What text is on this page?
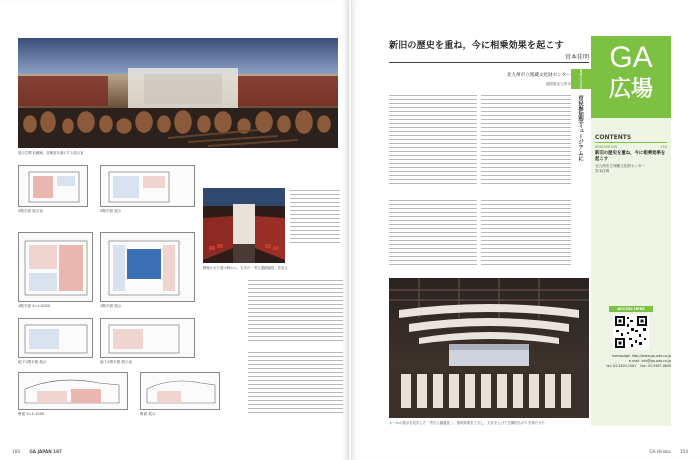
展示空間 収蔵庫。収蔵品を展示する展示室
2階平面 展示室	2階平面 展示
1階平面 S=1:2000	1階平面 展示
地下1階平面 展示	地下1階平面 展示室
断面 S=1:1000	断面 展示
整理された展示物から。右手の「考古遺跡園庭」を見る
160 GA JAPAN 187
新旧の歴史を重ね，今に相乗効果を起こす
宮本佳明
北九州市立埋蔵文化財センター	RENOVATION
福岡県北九州市
市民参加型ミュージアムに
ホールの展示を見学した「考古公園遺産」。照明効果を工夫し，天井を上げて空間的広がりを持たせた
GA
広場
CONTENTS
RENOVATION	154
新旧の歴史を重ね，今に相乗効果を起こす
北九州市立埋蔵文化財センター
宮本佳明
ACCESS HERE
homepage: http://www.ga-ada.co.jp
e-mail: info@ga-ada.co.jp
tel: 03-3403-1581 fax: 03-3497-0649
GA Hiroba 154
